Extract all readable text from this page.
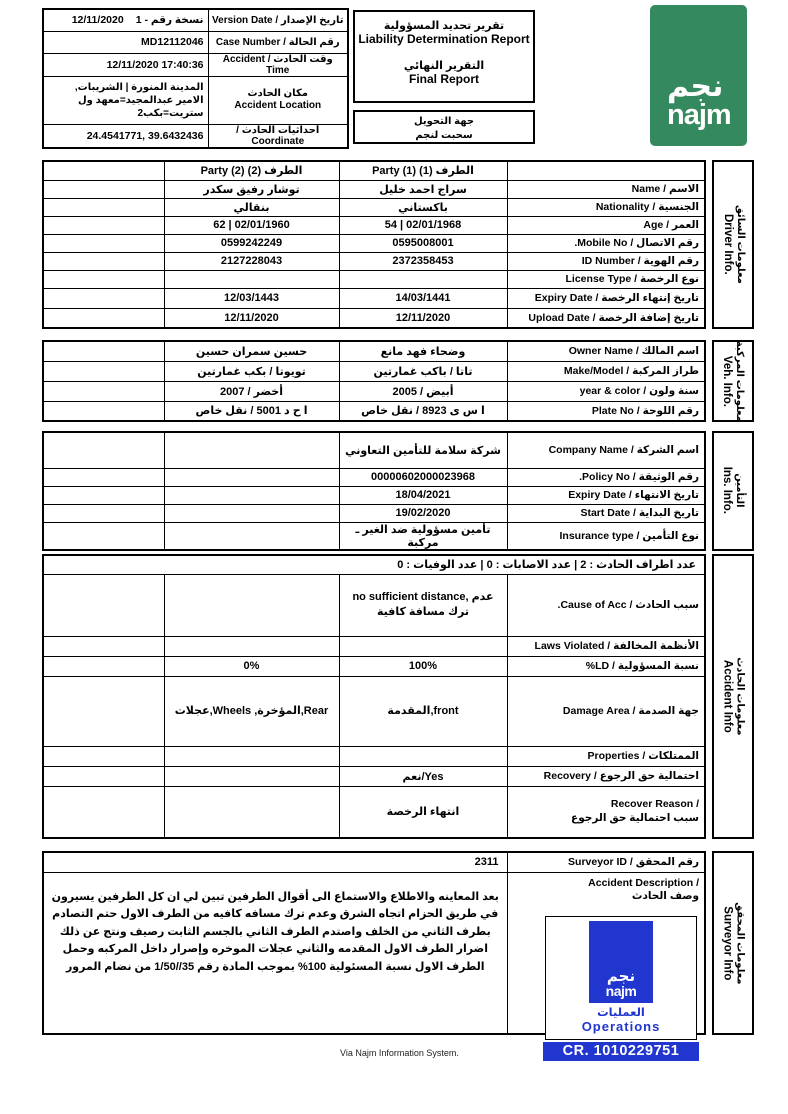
12/11/2020 نسخة رقم - 1	تاريخ الإصدار / Version Date
MD12112046	رقم الحالة / Case Number
12/11/2020 17:40:36	وقت الحادث / Accident Time
المدينة المنورة | الشريبات, الامير عبدالمجيد=معهد ول ستريت=بكب2	مكان الحادث
Accident Location

24.4541771, 39.6432436	أحداثيات الحادث / Coordinate
تقرير تحديد المسؤولية
Liability Determination Report
التقرير النهائي
Final Report
جهة التحويل
سحبت لنجم
نجم
najm
	الطرف (2) Party (2)	الطرف (1) Party (1)	
	توشار رفيق سكدر	سراج احمد خليل	الاسم / Name
	بنقالي	باكستاني	الجنسية / Nationality
	62 | 02/01/1960	54 | 02/01/1968	العمر / Age
	0599242249	0595008001	رقم الاتصال / Mobile No.
	2127228043	2372358453	رقم الهوية / ID Number
			نوع الرخصة / License Type
	12/03/1443	14/03/1441	تاريخ إنتهاء الرخصة / Expiry Date
	12/11/2020	12/11/2020	تاريخ إضافة الرخصة / Upload Date
معلومات السائق
Driver Info.
	حسين سمران حسين	وضحاء فهد مانع	اسم المالك / Owner Name
	تويوتا / بكب غمارتين	تاتا / باكب غمارتين	طراز المركبة / Make/Model
	أخضر / 2007	أبيض / 2005	سنة ولون / year & color
	ا ح د 5001 / نقل خاص	ا س ى 8923 / نقل خاص	رقم اللوحة / Plate No	معلومات المركبة
Veh. Info.
		شركة سلامة للتأمين التعاوني	اسم الشركة / Company Name
		00000602000023968	رقم الوثيقة / Policy No.
		18/04/2021	تاريخ الانتهاء / Expiry Date
		19/02/2020	تاريخ البداية / Start Date
		تأمين مسؤولية ضد الغير ـ مركبة	نوع التأمين / Insurance type
التأمين
Ins. Info.
عدد اطراف الحادث : 2 | عدد الاصابات : 0 | عدد الوفيات : 0			
		no sufficient distance, عدم ترك مسافة كافية	سبب الحادث / Cause of Acc.
			الأنظمة المخالفة / Laws Violated
	0%	100%	نسبة المسؤولية / LD%
	عجلات,Wheels ,المؤخرة,Rear	المقدمة,front	جهة الصدمة / Damage Area
			الممتلكات / Properties
		نعم/Yes	احتمالية حق الرجوع / Recovery
		انتهاء الرخصة	Recover Reason /
سبب احتمالية حق الرجوع
معلومات الحادث
Accident Info
2311	رقم المحقق / Surveyor ID
بعد المعاينه والاطلاع والاستماع الى أقوال الطرفين تبين لي ان كل الطرفين يسيرون في طريق الحزام اتجاه الشرق وعدم ترك مسافه كافيه من الطرف الاول حتم التصادم بطرف الثاني من الخلف واصتدم الطرف الثاني بالجسم الثابت رصيف ونتج عن ذلك اضرار الطرف الاول المقدمه والثاني عجلات الموخره وإصرار داخل المركبه وحمل الطرف الاول نسبة المسئولية 100% بموجب المادة رقم 35//1/50 من نضام المرور	Accident Description /
وصف الحادث
معلومات المحقق
Surveyor Info
نجم
najm
العمليات
Operations
CR. 1010229751
Via Najm Information System.
